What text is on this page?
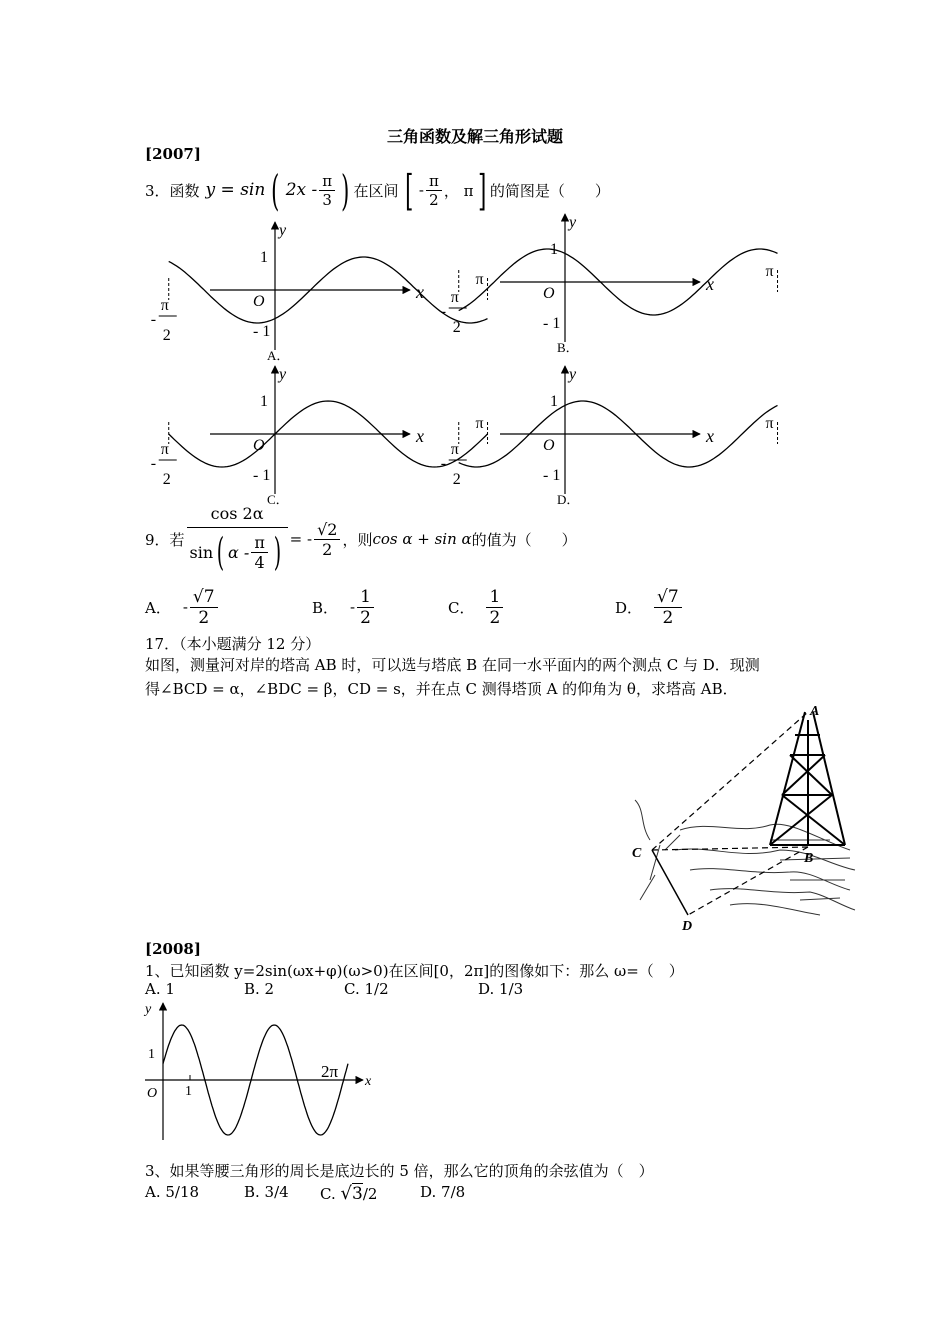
三角函数及解三角形试题
[2007]
3．函数 y = sin ( $2x - \frac{\pi}{3}$ ) 在区间 [ - $\frac{\pi}{2}$ ， π ] 的简图是（　　）
y
x
O
1
- 1
-
π
2
π
A．
y
x
O
1
- 1
-
π
2
π
B．
y
x
O
1
- 1
-
π
2
π
C．
y
x
O
1
- 1
-
π
2
π
D．
9．若 $\frac{\cos 2\alpha}{\sin ( \alpha - \frac{\pi}{4} )}$ = - $\frac{√2}{2}$ ，则 cos α + sin α 的值为（　　）
A． - $\frac{√7}{2}$	B． - $\frac{1}{2}$	C． $\frac{1}{2}$	D． $\frac{√7}{2}$
17．（本小题满分 12 分）
如图，测量河对岸的塔高 AB 时，可以选与塔底 B 在同一水平面内的两个测点 C 与 D．现测
得∠BCD = α，∠BDC = β，CD = s，并在点 C 测得塔顶 A 的仰角为 θ，求塔高 AB．
A
B
C
D
[2008]
1、已知函数 y=2sin(ωx+φ)(ω>0)在区间[0，2π]的图像如下：那么 ω=（　）
A. 1	B. 2	C. 1/2	D. 1/3
y
x
O
1
1
2π
3、如果等腰三角形的周长是底边长的 5 倍，那么它的顶角的余弦值为（　）
A. 5/18	B. 3/4 C. √3/2	D. 7/8
